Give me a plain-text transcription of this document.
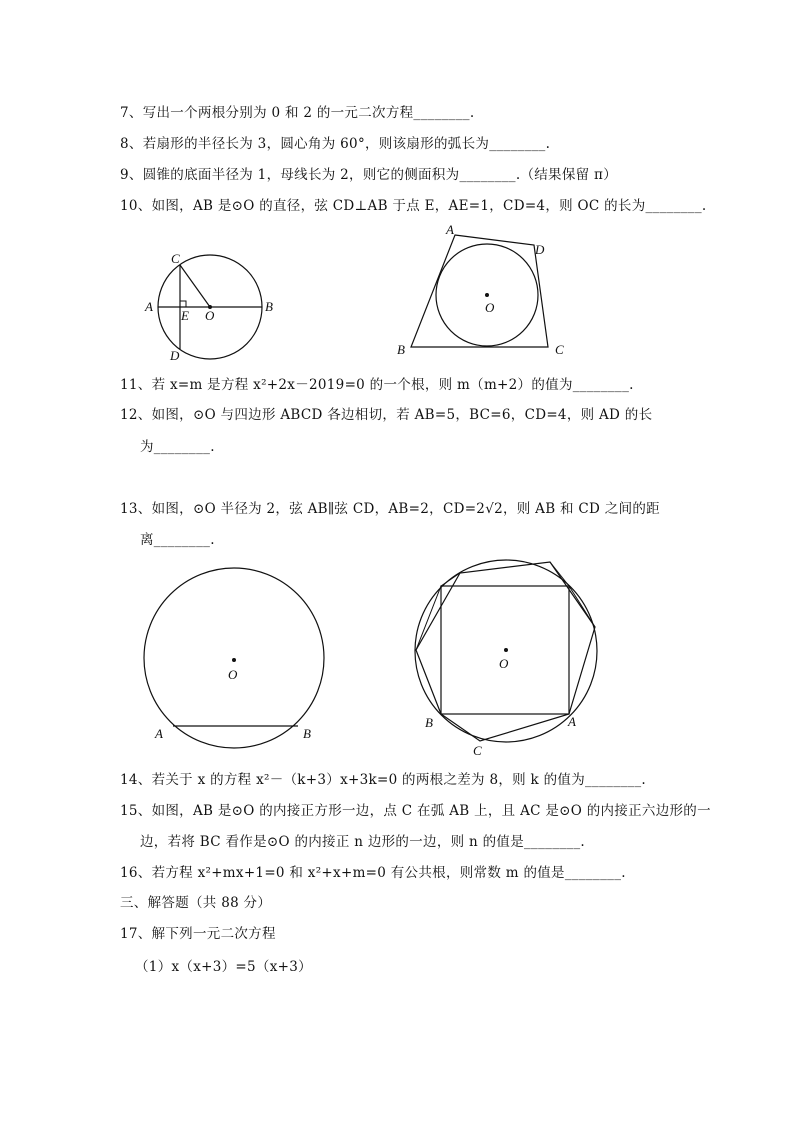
7、写出一个两根分别为 0 和 2 的一元二次方程________.
8、若扇形的半径长为 3，圆心角为 60°，则该扇形的弧长为________.
9、圆锥的底面半径为 1，母线长为 2，则它的侧面积为________.（结果保留 π）
10、如图，AB 是⊙O 的直径，弦 CD⊥AB 于点 E，AE=1，CD=4，则 OC 的长为________.
C
A	B
E O
D
A
D
B	C
O
11、若 x=m 是方程 x²+2x－2019=0 的一个根，则 m（m+2）的值为________.
12、如图，⊙O 与四边形 ABCD 各边相切，若 AB=5，BC=6，CD=4，则 AD 的长
为________.
13、如图，⊙O 半径为 2，弦 AB∥弦 CD，AB=2，CD=2√2，则 AB 和 CD 之间的距
离________.
O
A	B
O
B	A
C
14、若关于 x 的方程 x²－（k+3）x+3k=0 的两根之差为 8，则 k 的值为________.
15、如图，AB 是⊙O 的内接正方形一边，点 C 在弧 AB 上，且 AC 是⊙O 的内接正六边形的一
边，若将 BC 看作是⊙O 的内接正 n 边形的一边，则 n 的值是________.
16、若方程 x²+mx+1=0 和 x²+x+m=0 有公共根，则常数 m 的值是________.
三、解答题（共 88 分）
17、解下列一元二次方程
（1）x（x+3）=5（x+3）
